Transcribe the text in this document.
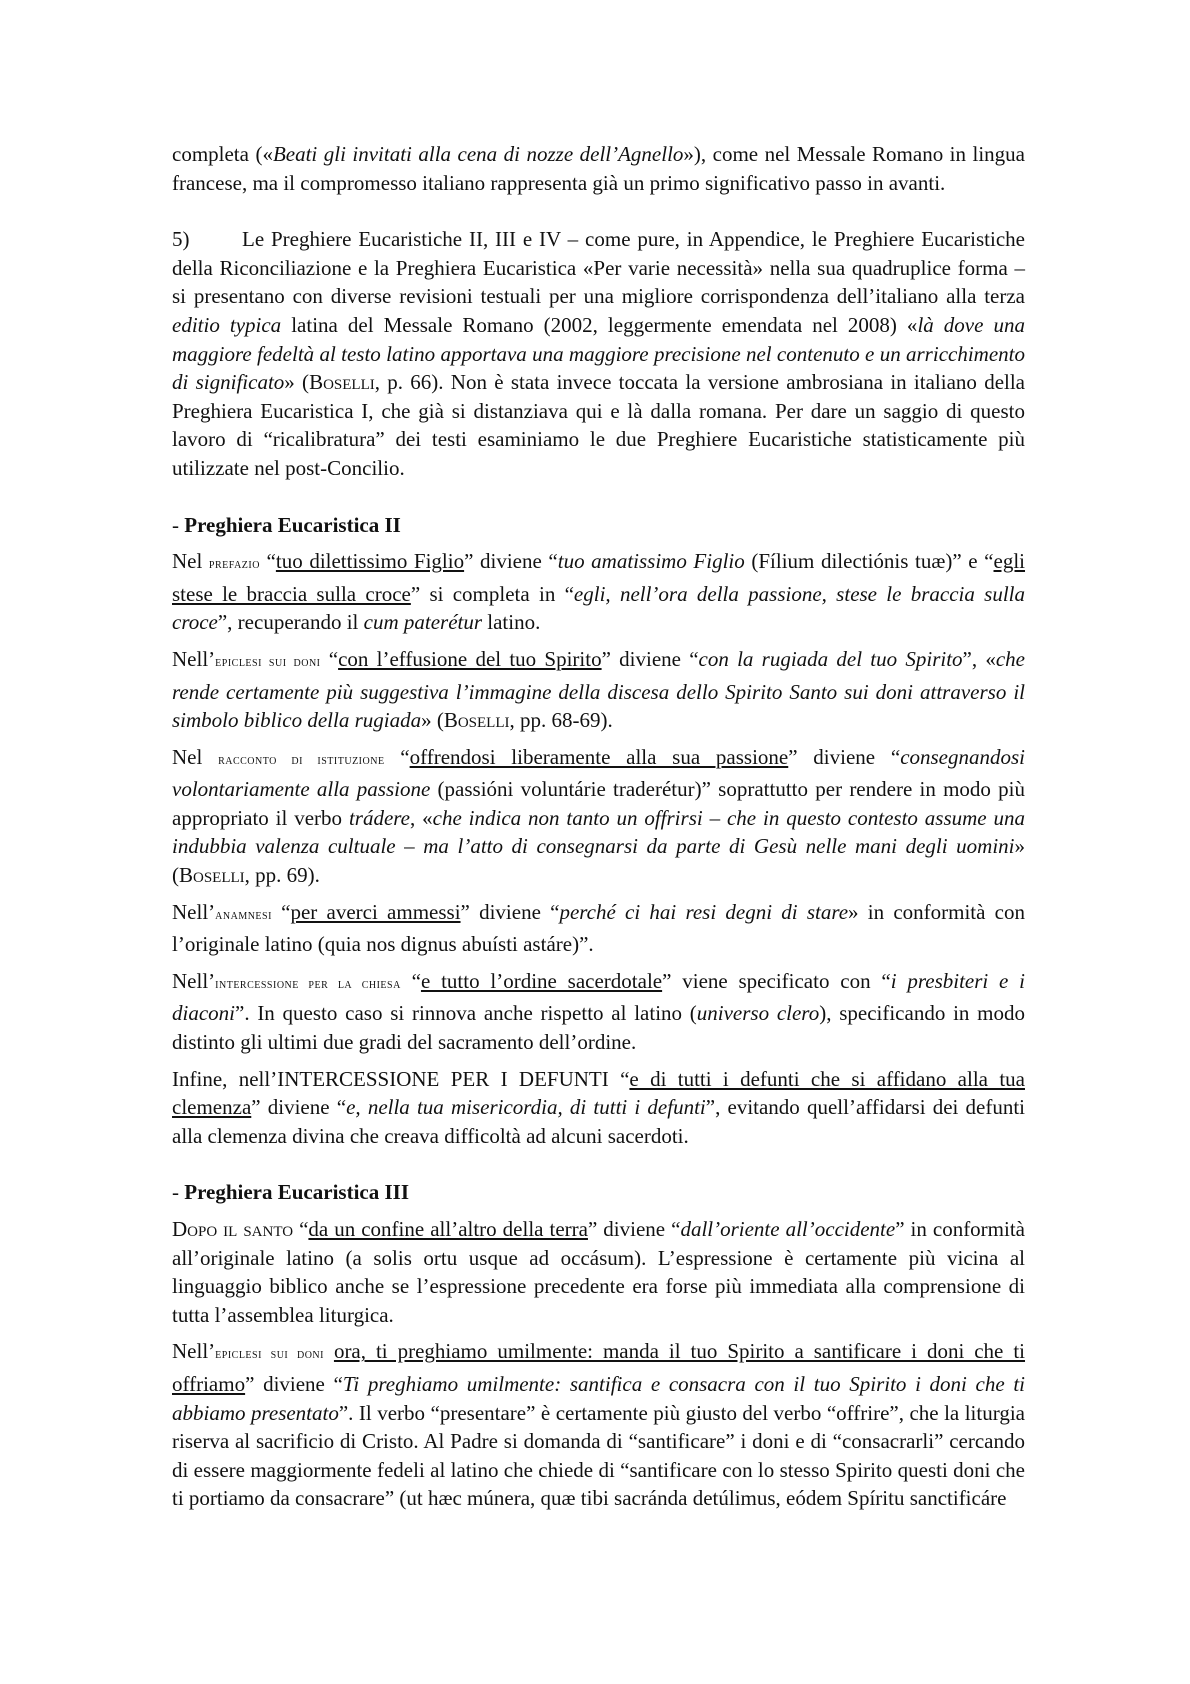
completa («Beati gli invitati alla cena di nozze dell’Agnello»), come nel Messale Romano in lingua francese, ma il compromesso italiano rappresenta già un primo significativo passo in avanti.

5)	Le Preghiere Eucaristiche II, III e IV – come pure, in Appendice, le Preghiere Eucaristiche della Riconciliazione e la Preghiera Eucaristica «Per varie necessità» nella sua quadruplice forma – si presentano con diverse revisioni testuali per una migliore corrispondenza dell’italiano alla terza editio typica latina del Messale Romano (2002, leggermente emendata nel 2008) «là dove una maggiore fedeltà al testo latino apportava una maggiore precisione nel contenuto e un arricchimento di significato» (Boselli, p. 66). Non è stata invece toccata la versione ambrosiana in italiano della Preghiera Eucaristica I, che già si distanziava qui e là dalla romana. Per dare un saggio di questo lavoro di “ricalibratura” dei testi esaminiamo le due Preghiere Eucaristiche statisticamente più utilizzate nel post-Concilio.

- Preghiera Eucaristica II

Nel prefazio “tuo dilettissimo Figlio” diviene “tuo amatissimo Figlio (Fílium dilectiónis tuæ)” e “egli stese le braccia sulla croce” si completa in “egli, nell’ora della passione, stese le braccia sulla croce”, recuperando il cum paterétur latino.

Nell’epiclesi sui doni “con l’effusione del tuo Spirito” diviene “con la rugiada del tuo Spirito”, «che rende certamente più suggestiva l’immagine della discesa dello Spirito Santo sui doni attraverso il simbolo biblico della rugiada» (Boselli, pp. 68-69).

Nel racconto di istituzione “offrendosi liberamente alla sua passione” diviene “consegnandosi volontariamente alla passione (passióni voluntárie traderétur)” soprattutto per rendere in modo più appropriato il verbo trádere, «che indica non tanto un offrirsi – che in questo contesto assume una indubbia valenza cultuale – ma l’atto di consegnarsi da parte di Gesù nelle mani degli uomini» (Boselli, pp. 69).

Nell’anamnesi “per averci ammessi” diviene “perché ci hai resi degni di stare» in conformità con l’originale latino (quia nos dignus abuísti astáre)”.

Nell’intercessione per la chiesa “e tutto l’ordine sacerdotale” viene specificato con “i presbiteri e i diaconi”. In questo caso si rinnova anche rispetto al latino (universo clero), specificando in modo distinto gli ultimi due gradi del sacramento dell’ordine.

Infine, nell’INTERCESSIONE PER I DEFUNTI “e di tutti i defunti che si affidano alla tua clemenza” diviene “e, nella tua misericordia, di tutti i defunti”, evitando quell’affidarsi dei defunti alla clemenza divina che creava difficoltà ad alcuni sacerdoti.

- Preghiera Eucaristica III

Dopo il santo “da un confine all’altro della terra” diviene “dall’oriente all’occidente” in conformità all’originale latino (a solis ortu usque ad occásum). L’espressione è certamente più vicina al linguaggio biblico anche se l’espressione precedente era forse più immediata alla comprensione di tutta l’assemblea liturgica.

Nell’epiclesi sui doni ora, ti preghiamo umilmente: manda il tuo Spirito a santificare i doni che ti offriamo” diviene “Ti preghiamo umilmente: santifica e consacra con il tuo Spirito i doni che ti abbiamo presentato”. Il verbo “presentare” è certamente più giusto del verbo “offrire”, che la liturgia riserva al sacrificio di Cristo. Al Padre si domanda di “santificare” i doni e di “consacrarli” cercando di essere maggiormente fedeli al latino che chiede di “santificare con lo stesso Spirito questi doni che ti portiamo da consacrare” (ut hæc múnera, quæ tibi sacránda detúlimus, eódem Spíritu sanctificáre
